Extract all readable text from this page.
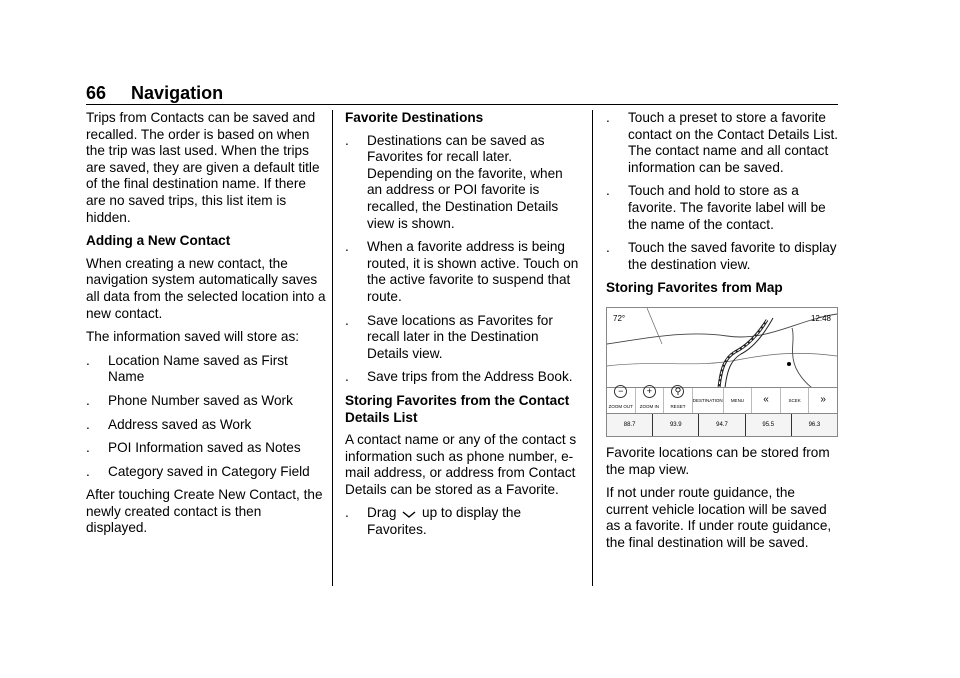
66 Navigation

Trips from Contacts can be saved and recalled. The order is based on when the trip was last used. When the trips are saved, they are given a default title of the final destination name. If there are no saved trips, this list item is hidden.

Adding a New Contact

When creating a new contact, the navigation system automatically saves all data from the selected location into a new contact.

The information saved will store as:

. Location Name saved as First Name
. Phone Number saved as Work
. Address saved as Work
. POI Information saved as Notes
. Category saved in Category Field

After touching Create New Contact, the newly created contact is then displayed.

Favorite Destinations

. Destinations can be saved as Favorites for recall later. Depending on the favorite, when an address or POI favorite is recalled, the Destination Details view is shown.
. When a favorite address is being routed, it is shown active. Touch on the active favorite to suspend that route.
. Save locations as Favorites for recall later in the Destination Details view.
. Save trips from the Address Book.

Storing Favorites from the Contact Details List

A contact name or any of the contact s information such as phone number, e-mail address, or address from Contact Details can be stored as a Favorite.

. Drag up to display the Favorites.
. Touch a preset to store a favorite contact on the Contact Details List. The contact name and all contact information can be saved.
. Touch and hold to store as a favorite. The favorite label will be the name of the contact.
. Touch the saved favorite to display the destination view.

Storing Favorites from Map

72°	12:48
−
ZOOM OUT
+
ZOOM IN
⚲
RESET
DESTINATION MENU «	SCEK »
88.7	93.9	94.7	95.5	96.3

Favorite locations can be stored from the map view.

If not under route guidance, the current vehicle location will be saved as a favorite. If under route guidance, the final destination will be saved.
